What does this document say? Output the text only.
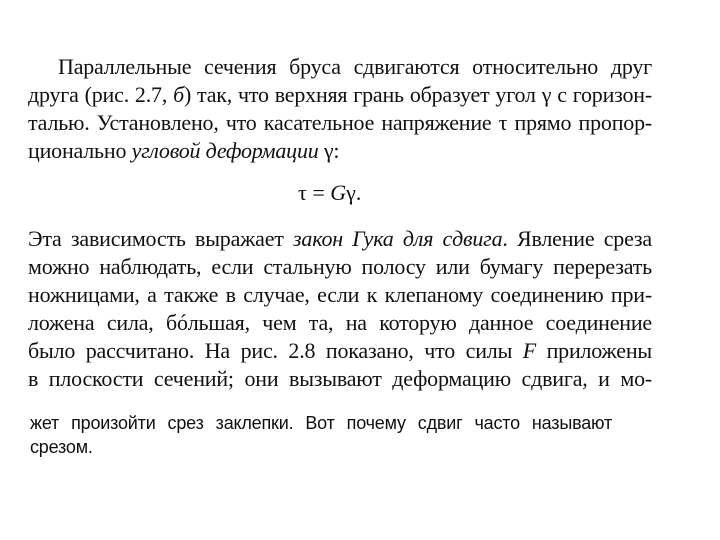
Параллельные сечения бруса сдвигаются относительно друг
друга (рис. 2.7, б) так, что верхняя грань образует угол γ с горизон-
талью. Установлено, что касательное напряжение τ прямо пропор-
ционально угловой деформации γ:
τ = Gγ.
Эта зависимость выражает закон Гука для сдвига. Явление среза
можно наблюдать, если стальную полосу или бумагу перерезать
ножницами, а также в случае, если к клепаному соединению при-
ложена сила, бóльшая, чем та, на которую данное соединение
было рассчитано. На рис. 2.8 показано, что силы F приложены
в плоскости сечений; они вызывают деформацию сдвига, и мо-
жет произойти срез заклепки. Вот почему сдвиг часто называют
срезом.
